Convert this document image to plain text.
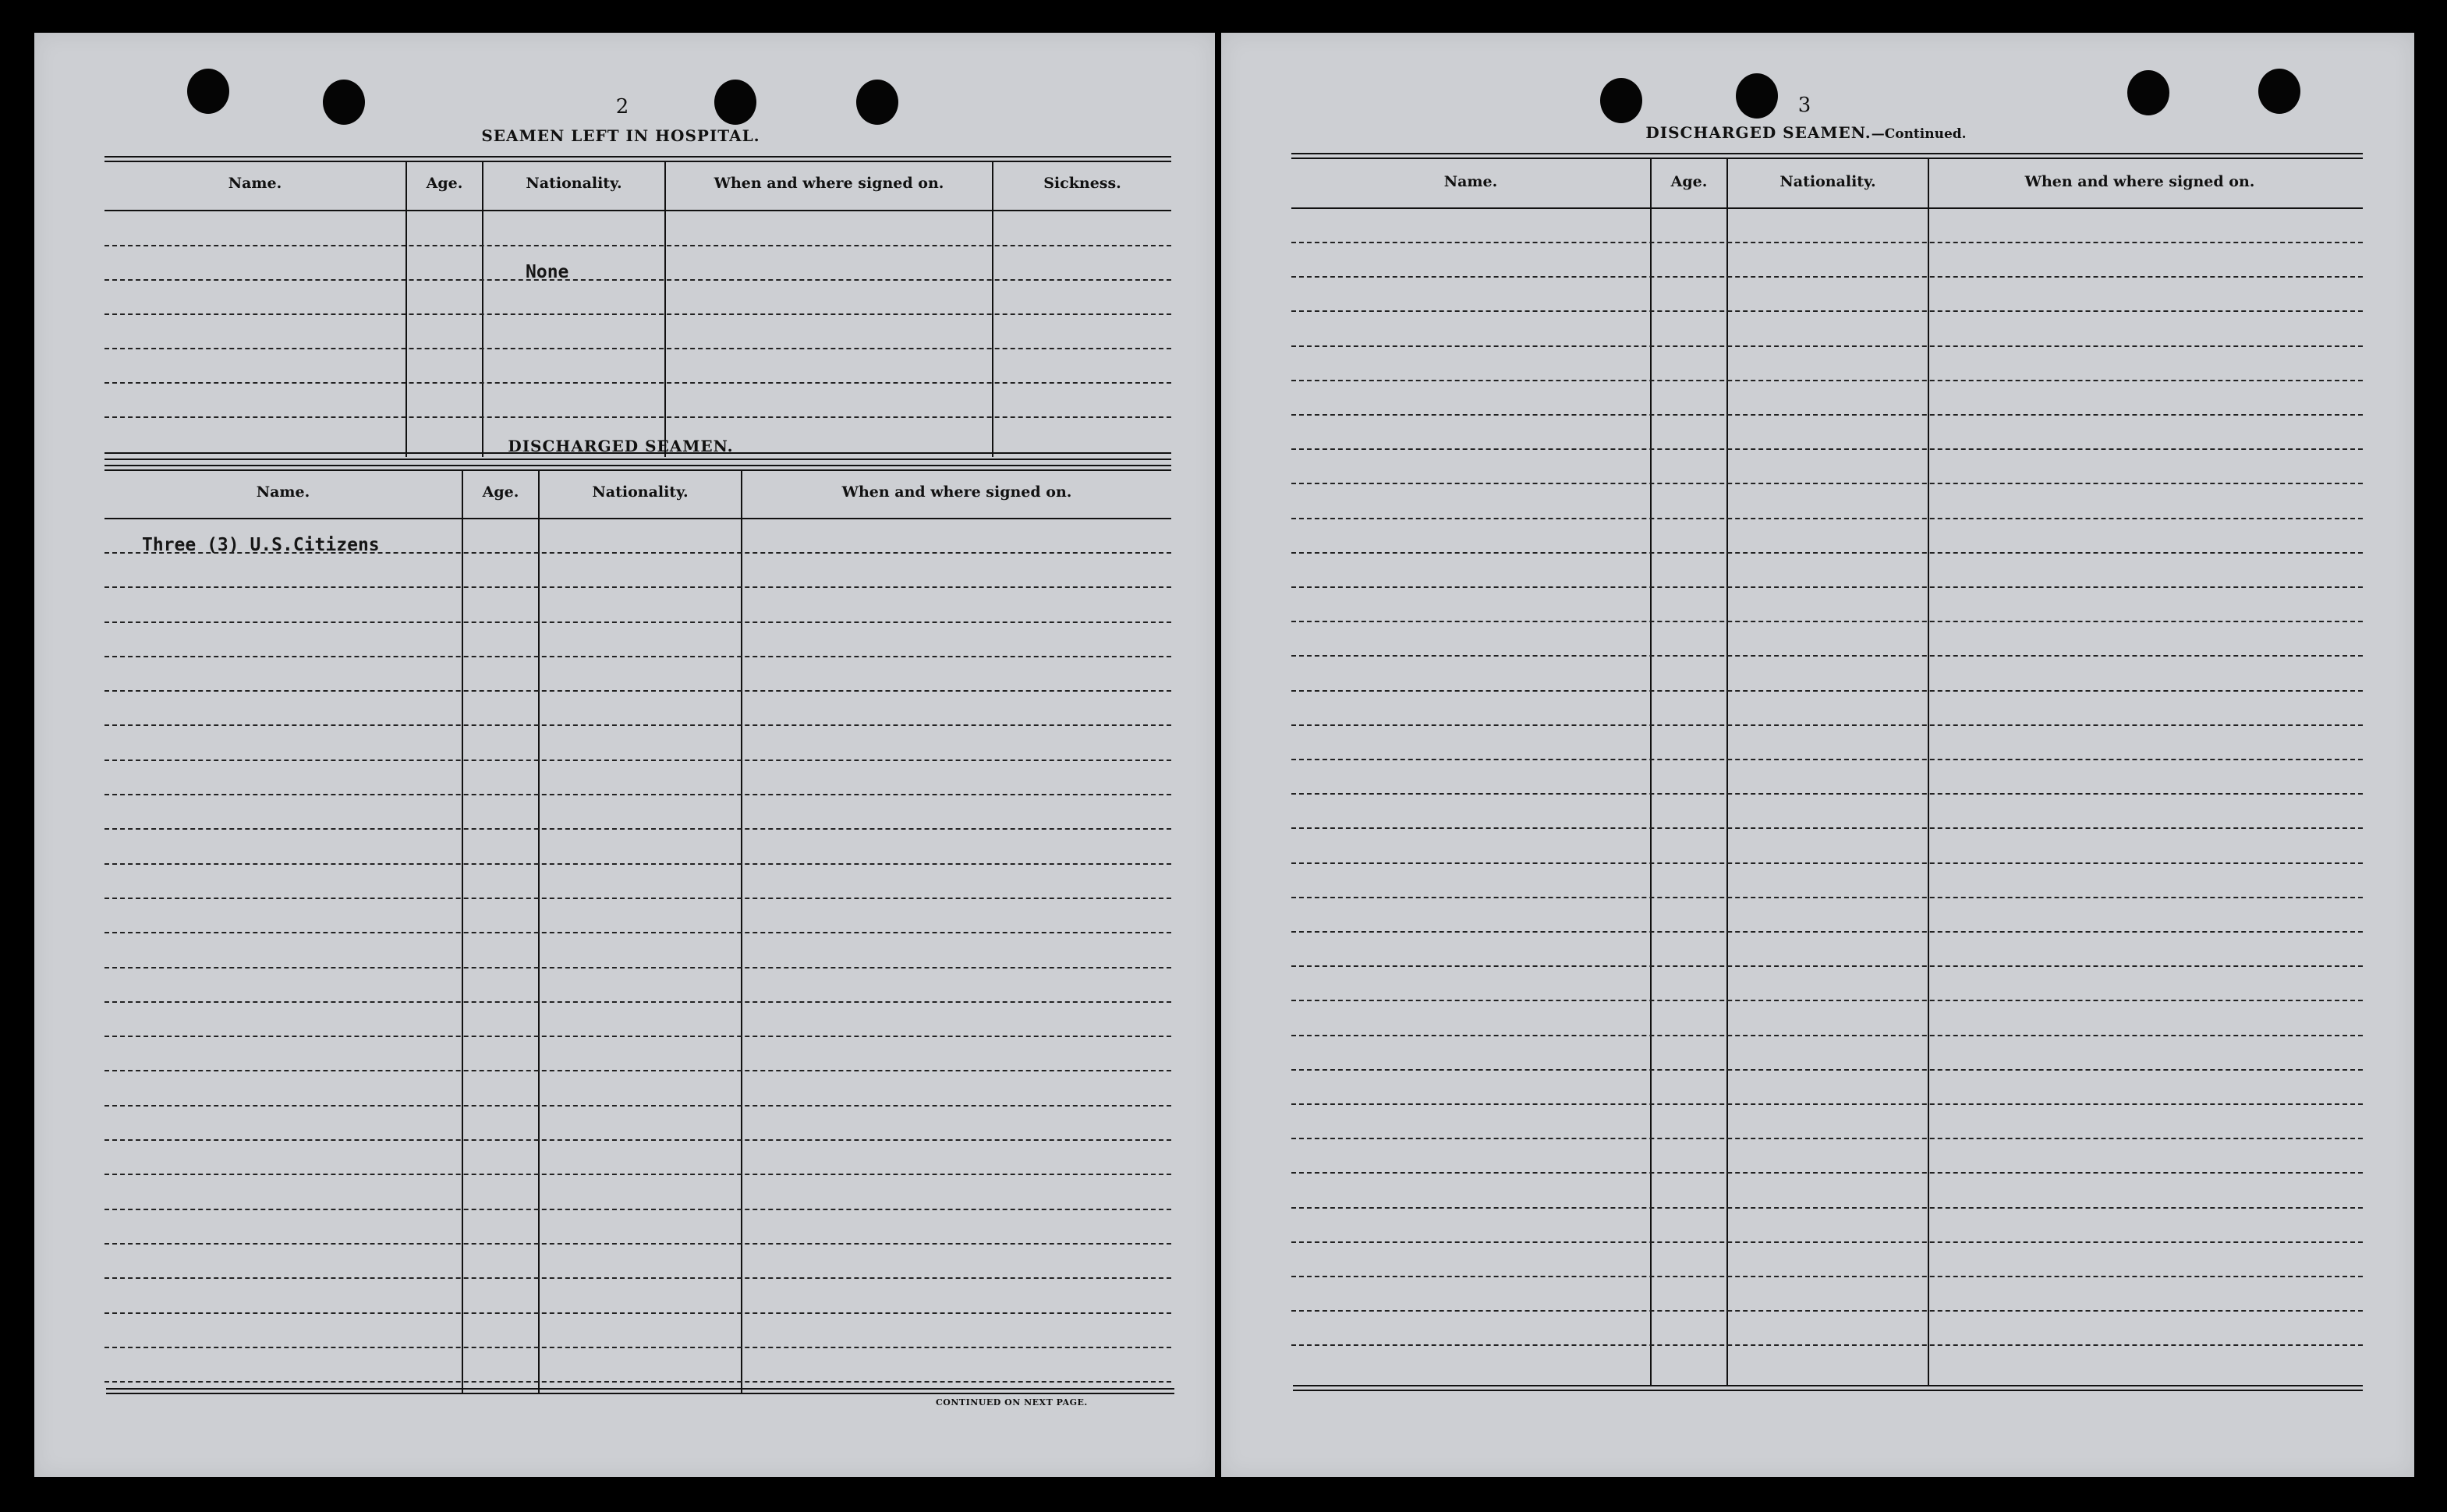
2
SEAMEN LEFT IN HOSPITAL.
Name.	Age.	Nationality.	When and where signed on.	Sickness.
None
DISCHARGED SEAMEN.
Name.	Age.	Nationality.	When and where signed on.
Three (3) U.S.Citizens
CONTINUED ON NEXT PAGE.
3
DISCHARGED SEAMEN.—Continued.
Name.	Age.	Nationality.	When and where signed on.
